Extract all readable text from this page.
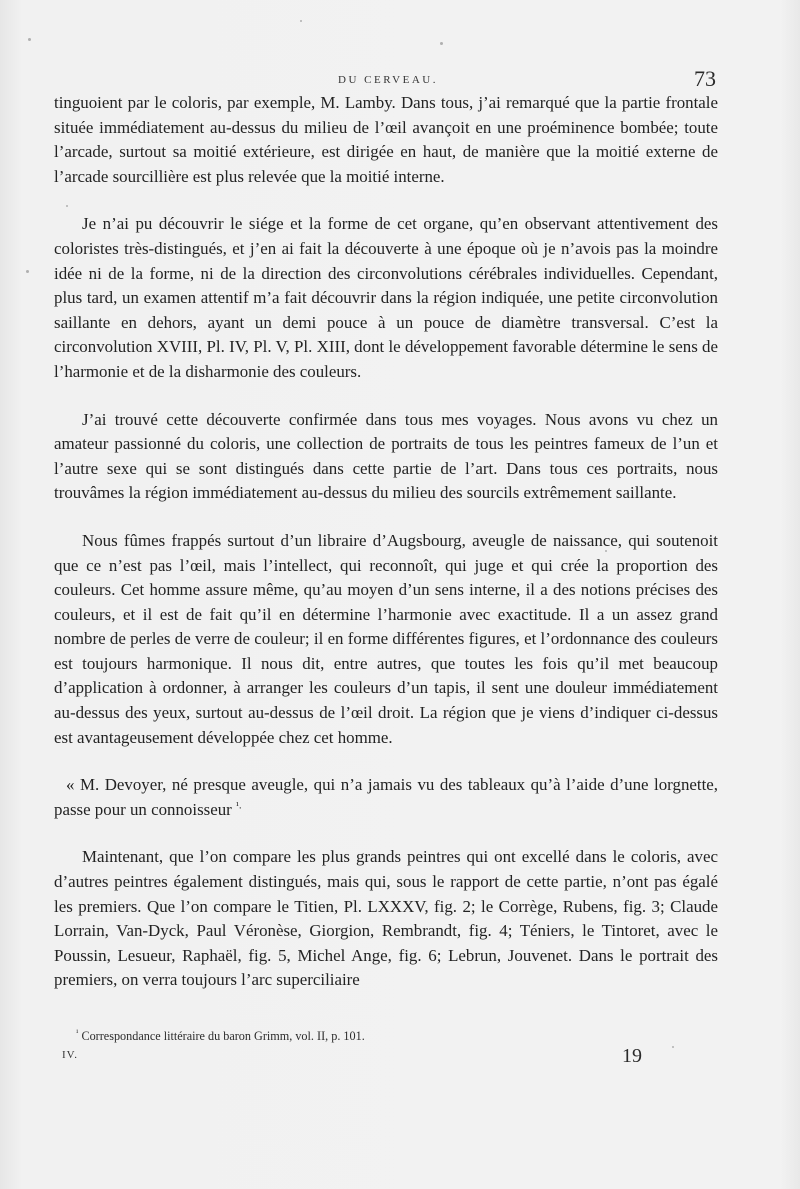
DU CERVEAU.	73

tinguoient par le coloris, par exemple, M. Lamby. Dans tous, j’ai remarqué que la partie frontale située immédiatement au-dessus du milieu de l’œil avançoit en une proéminence bombée; toute l’arcade, surtout sa moitié extérieure, est dirigée en haut, de manière que la moitié externe de l’arcade sourcillière est plus relevée que la moitié interne.

Je n’ai pu découvrir le siége et la forme de cet organe, qu’en observant attentivement des coloristes très-distingués, et j’en ai fait la découverte à une époque où je n’avois pas la moindre idée ni de la forme, ni de la direction des circonvolutions cérébrales individuelles. Cependant, plus tard, un examen attentif m’a fait découvrir dans la région indiquée, une petite circonvolution saillante en dehors, ayant un demi pouce à un pouce de diamètre transversal. C’est la circonvolution XVIII, Pl. IV, Pl. V, Pl. XIII, dont le développement favorable détermine le sens de l’harmonie et de la disharmonie des couleurs.

J’ai trouvé cette découverte confirmée dans tous mes voyages. Nous avons vu chez un amateur passionné du coloris, une collection de portraits de tous les peintres fameux de l’un et l’autre sexe qui se sont distingués dans cette partie de l’art. Dans tous ces portraits, nous trouvâmes la région immédiatement au-dessus du milieu des sourcils extrêmement saillante.

Nous fûmes frappés surtout d’un libraire d’Augsbourg, aveugle de naissance, qui soutenoit que ce n’est pas l’œil, mais l’intellect, qui reconnoît, qui juge et qui crée la proportion des couleurs. Cet homme assure même, qu’au moyen d’un sens interne, il a des notions précises des couleurs, et il est de fait qu’il en détermine l’harmonie avec exactitude. Il a un assez grand nombre de perles de verre de couleur; il en forme différentes figures, et l’ordonnance des couleurs est toujours harmonique. Il nous dit, entre autres, que toutes les fois qu’il met beaucoup d’application à ordonner, à arranger les couleurs d’un tapis, il sent une douleur immédiatement au-dessus des yeux, surtout au-dessus de l’œil droit. La région que je viens d’indiquer ci-dessus est avantageusement développée chez cet homme.

« M. Devoyer, né presque aveugle, qui n’a jamais vu des tableaux qu’à l’aide d’une lorgnette, passe pour un connoisseur $^{^1.}$

Maintenant, que l’on compare les plus grands peintres qui ont excellé dans le coloris, avec d’autres peintres également distingués, mais qui, sous le rapport de cette partie, n’ont pas égalé les premiers. Que l’on compare le Titien, Pl. LXXXV, fig. 2; le Corrège, Rubens, fig. 3; Claude Lorrain, Van-Dyck, Paul Véronèse, Giorgion, Rembrandt, fig. 4; Téniers, le Tintoret, avec le Poussin, Lesueur, Raphaël, fig. 5, Michel Ange, fig. 6; Lebrun, Jouvenet. Dans le portrait des premiers, on verra toujours l’arc superciliaire

$^{^1}$ Correspondance littéraire du baron Grimm, vol. II, p. 101.
IV.	19
